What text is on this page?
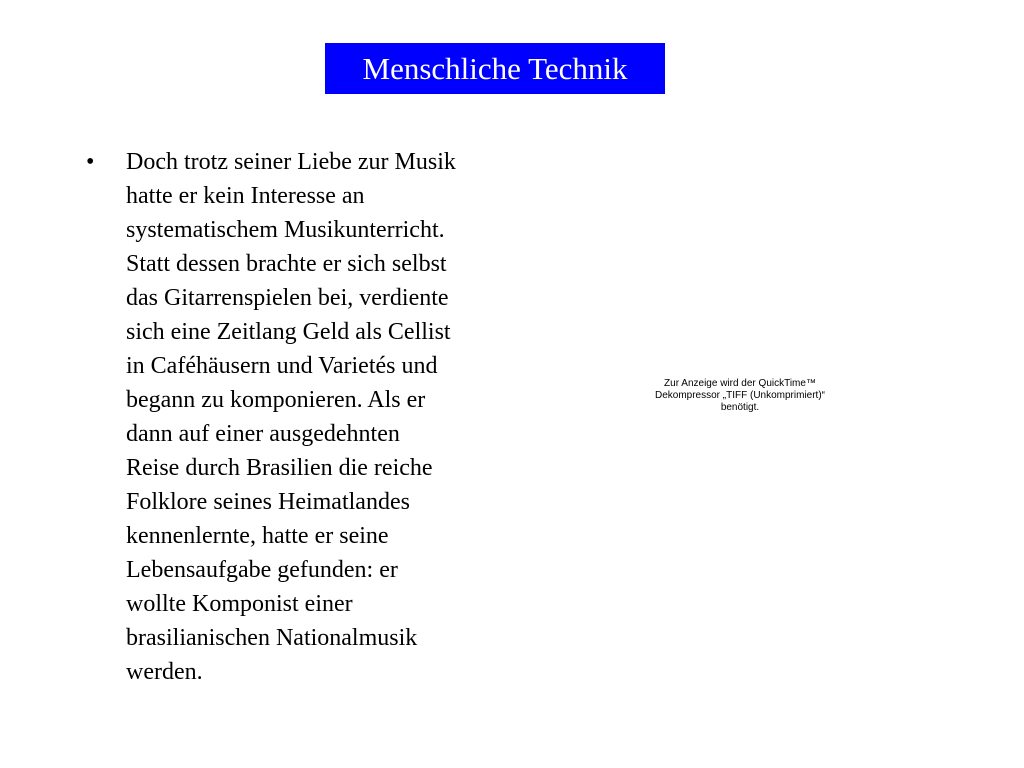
Menschliche Technik
•	Doch trotz seiner Liebe zur Musik
hatte er kein Interesse an
systematischem Musikunterricht.
Statt dessen brachte er sich selbst
das Gitarrenspielen bei, verdiente
sich eine Zeitlang Geld als Cellist
in Caféhäusern und Varietés und
begann zu komponieren. Als er
dann auf einer ausgedehnten
Reise durch Brasilien die reiche
Folklore seines Heimatlandes
kennenlernte, hatte er seine
Lebensaufgabe gefunden: er
wollte Komponist einer
brasilianischen Nationalmusik
werden.
Zur Anzeige wird der QuickTime™
Dekompressor „TIFF (Unkomprimiert)“
benötigt.
